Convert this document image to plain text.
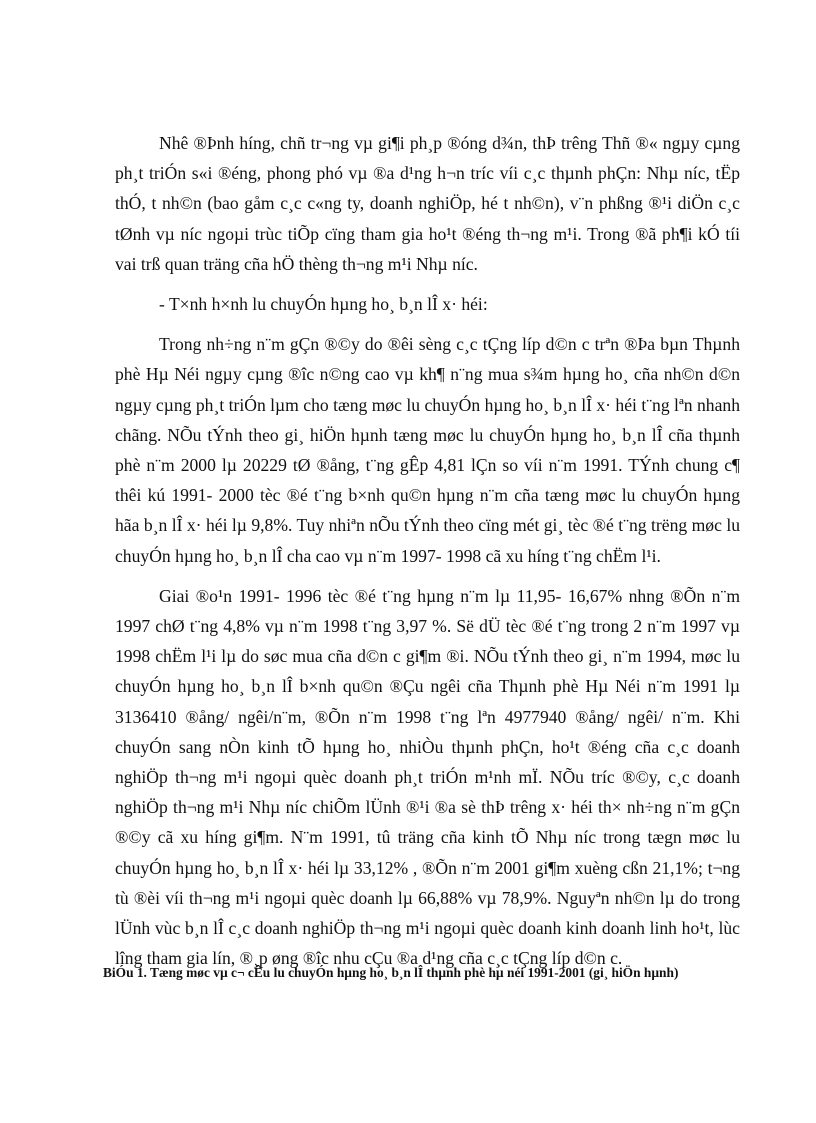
Nhê ®Þnh híng, chñ tr¬ng vµ gi¶i ph¸p ®óng d¾n, thÞ trêng Thñ ®« ngµy cµng ph¸t triÓn s«i ®éng, phong phó vµ ®a d¹ng h¬n tríc víi c¸c thµnh phÇn: Nhµ níc, tËp thÓ, t nh©n (bao gåm c¸c c«ng ty, doanh nghiÖp, hé t nh©n), v¨n phßng ®¹i diÖn c¸c tØnh vµ níc ngoµi trùc tiÕp cïng tham gia ho¹t ®éng th¬ng m¹i. Trong ®ã ph¶i kÓ tíi vai trß quan träng cña hÖ thèng th¬ng m¹i Nhµ níc.

- T×nh h×nh lu chuyÓn hµng ho¸ b¸n lÎ x· héi:

Trong nh÷ng n¨m gÇn ®©y do ®êi sèng c¸c tÇng líp d©n c trªn ®Þa bµn Thµnh phè Hµ Néi ngµy cµng ®îc n©ng cao vµ kh¶ n¨ng mua s¾m hµng ho¸ cña nh©n d©n ngµy cµng ph¸t triÓn lµm cho tæng møc lu chuyÓn hµng ho¸ b¸n lÎ x· héi t¨ng lªn nhanh chãng. NÕu tÝnh theo gi¸ hiÖn hµnh tæng møc lu chuyÓn hµng ho¸ b¸n lÎ cña thµnh phè n¨m 2000 lµ 20229 tØ ®ång, t¨ng gÊp 4,81 lÇn so víi n¨m 1991. TÝnh chung c¶ thêi kú 1991- 2000 tèc ®é t¨ng b×nh qu©n hµng n¨m cña tæng møc lu chuyÓn hµng hãa b¸n lÎ x· héi lµ 9,8%. Tuy nhiªn nÕu tÝnh theo cïng mét gi¸ tèc ®é t¨ng trëng møc lu chuyÓn hµng ho¸ b¸n lÎ cha cao vµ n¨m 1997- 1998 cã xu híng t¨ng chËm l¹i.

Giai ®o¹n 1991- 1996 tèc ®é t¨ng hµng n¨m lµ 11,95- 16,67% nhng ®Õn n¨m 1997 chØ t¨ng 4,8% vµ n¨m 1998 t¨ng 3,97 %. Së dÜ tèc ®é t¨ng trong 2 n¨m 1997 vµ 1998 chËm l¹i lµ do søc mua cña d©n c gi¶m ®i. NÕu tÝnh theo gi¸ n¨m 1994, møc lu chuyÓn hµng ho¸ b¸n lÎ b×nh qu©n ®Çu ngêi cña Thµnh phè Hµ Néi n¨m 1991 lµ 3136410 ®ång/ ngêi/n¨m, ®Õn n¨m 1998 t¨ng lªn 4977940 ®ång/ ngêi/ n¨m. Khi chuyÓn sang nÒn kinh tÕ hµng ho¸ nhiÒu thµnh phÇn, ho¹t ®éng cña c¸c doanh nghiÖp th¬ng m¹i ngoµi quèc doanh ph¸t triÓn m¹nh mÏ. NÕu tríc ®©y, c¸c doanh nghiÖp th¬ng m¹i Nhµ níc chiÕm lÜnh ®¹i ®a sè thÞ trêng x· héi th× nh÷ng n¨m gÇn ®©y cã xu híng gi¶m. N¨m 1991, tû träng cña kinh tÕ Nhµ níc trong tægn møc lu chuyÓn hµng ho¸ b¸n lÎ x· héi lµ 33,12% , ®Õn n¨m 2001 gi¶m xuèng cßn 21,1%; t¬ng tù ®èi víi th¬ng m¹i ngoµi quèc doanh lµ 66,88% vµ 78,9%. Nguyªn nh©n lµ do trong lÜnh vùc b¸n lÎ c¸c doanh nghiÖp th¬ng m¹i ngoµi quèc doanh kinh doanh linh ho¹t, lùc lîng tham gia lín, ®¸p øng ®îc nhu cÇu ®a d¹ng cña c¸c tÇng líp d©n c.

BiÓu 1. Tæng møc vµ c¬ cÊu lu chuyÓn hµng ho¸ b¸n lÎ thµnh phè hµ néi 1991-2001 (gi¸ hiÖn hµnh)
